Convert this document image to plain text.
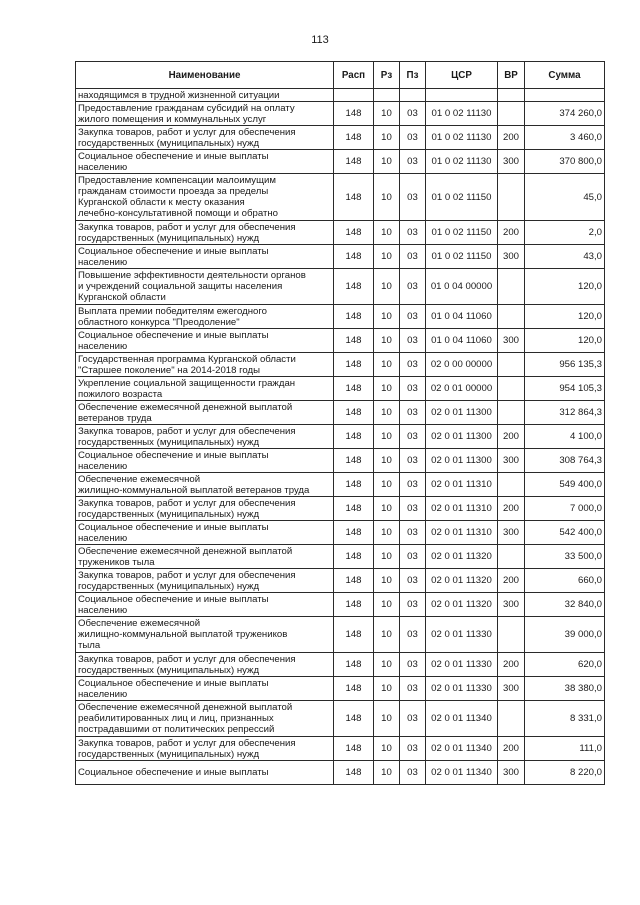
113
Наименование	Расп	Рз	Пз	ЦСР	ВР	Сумма
находящимся в трудной жизненной ситуации						
Предоставление гражданам субсидий на оплату
жилого помещения и коммунальных услуг	148	10	03	01 0 02 11130		374 260,0
Закупка товаров, работ и услуг для обеспечения
государственных (муниципальных) нужд	148	10	03	01 0 02 11130	200	3 460,0
Социальное обеспечение и иные выплаты
населению	148	10	03	01 0 02 11130	300	370 800,0
Предоставление компенсации малоимущим
гражданам стоимости проезда за пределы
Курганской области к месту оказания
лечебно-консультативной помощи и обратно	148	10	03	01 0 02 11150		45,0
Закупка товаров, работ и услуг для обеспечения
государственных (муниципальных) нужд	148	10	03	01 0 02 11150	200	2,0
Социальное обеспечение и иные выплаты
населению	148	10	03	01 0 02 11150	300	43,0
Повышение эффективности деятельности органов
и учреждений социальной защиты населения
Курганской области	148	10	03	01 0 04 00000		120,0
Выплата премии победителям ежегодного
областного конкурса "Преодоление"	148	10	03	01 0 04 11060		120,0
Социальное обеспечение и иные выплаты
населению	148	10	03	01 0 04 11060	300	120,0
Государственная программа Курганской области
"Старшее поколение" на 2014-2018 годы	148	10	03	02 0 00 00000		956 135,3
Укрепление социальной защищенности граждан
пожилого возраста	148	10	03	02 0 01 00000		954 105,3
Обеспечение ежемесячной денежной выплатой
ветеранов труда	148	10	03	02 0 01 11300		312 864,3
Закупка товаров, работ и услуг для обеспечения
государственных (муниципальных) нужд	148	10	03	02 0 01 11300	200	4 100,0
Социальное обеспечение и иные выплаты
населению	148	10	03	02 0 01 11300	300	308 764,3
Обеспечение ежемесячной
жилищно-коммунальной выплатой ветеранов труда	148	10	03	02 0 01 11310		549 400,0
Закупка товаров, работ и услуг для обеспечения
государственных (муниципальных) нужд	148	10	03	02 0 01 11310	200	7 000,0
Социальное обеспечение и иные выплаты
населению	148	10	03	02 0 01 11310	300	542 400,0
Обеспечение ежемесячной денежной выплатой
тружеников тыла	148	10	03	02 0 01 11320		33 500,0
Закупка товаров, работ и услуг для обеспечения
государственных (муниципальных) нужд	148	10	03	02 0 01 11320	200	660,0
Социальное обеспечение и иные выплаты
населению	148	10	03	02 0 01 11320	300	32 840,0
Обеспечение ежемесячной
жилищно-коммунальной выплатой тружеников
тыла	148	10	03	02 0 01 11330		39 000,0
Закупка товаров, работ и услуг для обеспечения
государственных (муниципальных) нужд	148	10	03	02 0 01 11330	200	620,0
Социальное обеспечение и иные выплаты
населению	148	10	03	02 0 01 11330	300	38 380,0
Обеспечение ежемесячной денежной выплатой
реабилитированных лиц и лиц, признанных
пострадавшими от политических репрессий	148	10	03	02 0 01 11340		8 331,0
Закупка товаров, работ и услуг для обеспечения
государственных (муниципальных) нужд	148	10	03	02 0 01 11340	200	111,0
Социальное обеспечение и иные выплаты	148	10	03	02 0 01 11340	300	8 220,0
